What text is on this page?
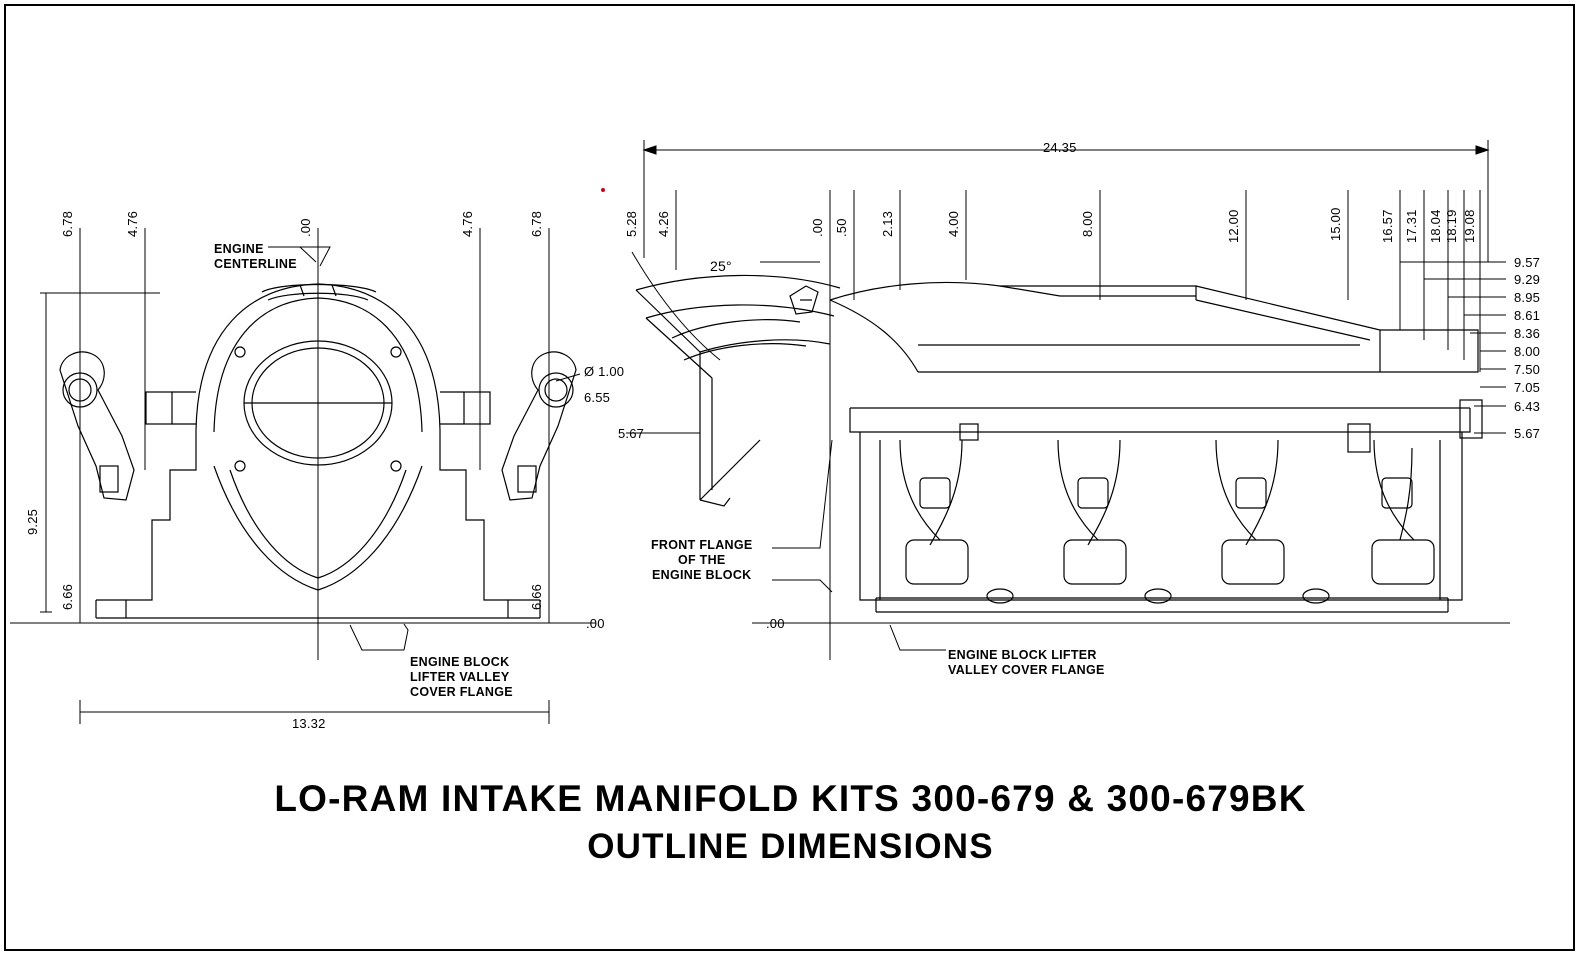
6.78	4.76	.00	4.76	6.78
9.25
6.66	6.66
Ø 1.00
6.55
.00
13.32
ENGINE
CENTERLINE
ENGINE BLOCK
LIFTER VALLEY
COVER FLANGE
24.35
5.28 4.26	.00 .50 2.13	4.00	8.00	12.00	15.00	16.57 17.31 18.04 18.19 19.08
9.57
9.29
8.95
8.61
8.36
8.00
7.50
7.05
6.43
5.67
5.67
.00
25°
FRONT FLANGE
OF THE
ENGINE BLOCK
ENGINE BLOCK LIFTER
VALLEY COVER FLANGE
LO-RAM INTAKE MANIFOLD KITS 300-679 & 300-679BK
OUTLINE DIMENSIONS
